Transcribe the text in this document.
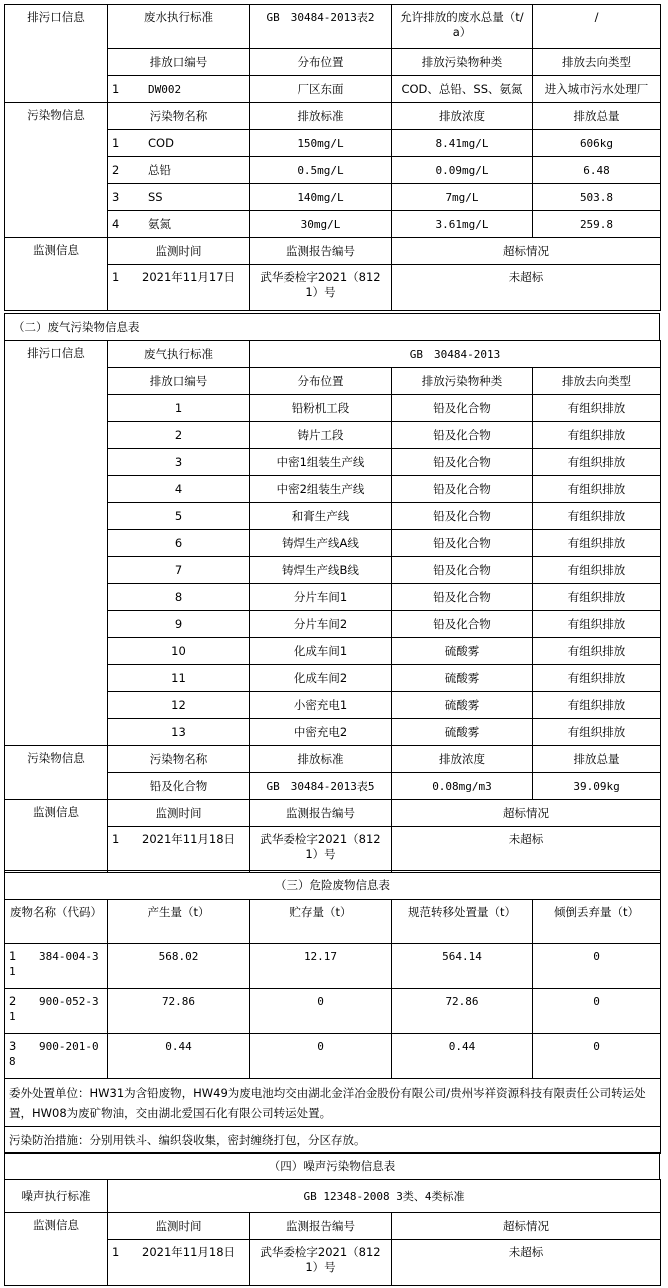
排污口信息	废水执行标准	GB　30484-2013表2	允许排放的废水总量（t/a）	/
	排放口编号	分布位置	排放污染物种类	排放去向类型
	1 DW002	厂区东面	COD、总铅、SS、氨氮	进入城市污水处理厂
污染物信息	污染物名称	排放标准	排放浓度	排放总量
	1 COD	150mg/L	8.41mg/L	606kg
	2 总铅	0.5mg/L	0.09mg/L	6.48
	3 SS	140mg/L	7mg/L	503.8
	4 氨氮	30mg/L	3.61mg/L	259.8
监测信息	监测时间	监测报告编号	超标情况	
	1 2021年11月17日	武华委检字2021（8121）号	未超标	
（二）废气污染物信息表
排污口信息	废气执行标准	GB　30484-2013		
	排放口编号	分布位置	排放污染物种类	排放去向类型
	1	铅粉机工段	铅及化合物	有组织排放
	2	铸片工段	铅及化合物	有组织排放
	3	中密1组装生产线	铅及化合物	有组织排放
	4	中密2组装生产线	铅及化合物	有组织排放
	5	和膏生产线	铅及化合物	有组织排放
	6	铸焊生产线A线	铅及化合物	有组织排放
	7	铸焊生产线B线	铅及化合物	有组织排放
	8	分片车间1	铅及化合物	有组织排放
	9	分片车间2	铅及化合物	有组织排放
	10	化成车间1	硫酸雾	有组织排放
	11	化成车间2	硫酸雾	有组织排放
	12	小密充电1	硫酸雾	有组织排放
	13	中密充电2	硫酸雾	有组织排放
污染物信息	污染物名称	排放标准	排放浓度	排放总量
	铅及化合物	GB　30484-2013表5	0.08mg/m3	39.09kg
监测信息	监测时间	监测报告编号	超标情况	
	1 2021年11月18日	武华委检字2021（8121）号	未超标	
（三）危险废物信息表				
废物名称（代码）	产生量（t）	贮存量（t）	规范转移处置量（t）	倾倒丢弃量（t）
1 384-004-31	568.02	12.17	564.14	0
2 900-052-31	72.86	0	72.86	0
3 900-201-08	0.44	0	0.44	0
委外处置单位：HW31为含铅废物，HW49为废电池均交由湖北金洋冶金股份有限公司/贵州岑祥资源科技有限责任公司转运处置，HW08为废矿物油，交由湖北爱国石化有限公司转运处置。				
污染防治措施：分别用铁斗、编织袋收集，密封缠绕打包，分区存放。				
（四）噪声污染物信息表
噪声执行标准	GB 12348-2008 3类、4类标准		
监测信息	监测时间	监测报告编号	超标情况
	1 2021年11月18日	武华委检字2021（8121）号	未超标
